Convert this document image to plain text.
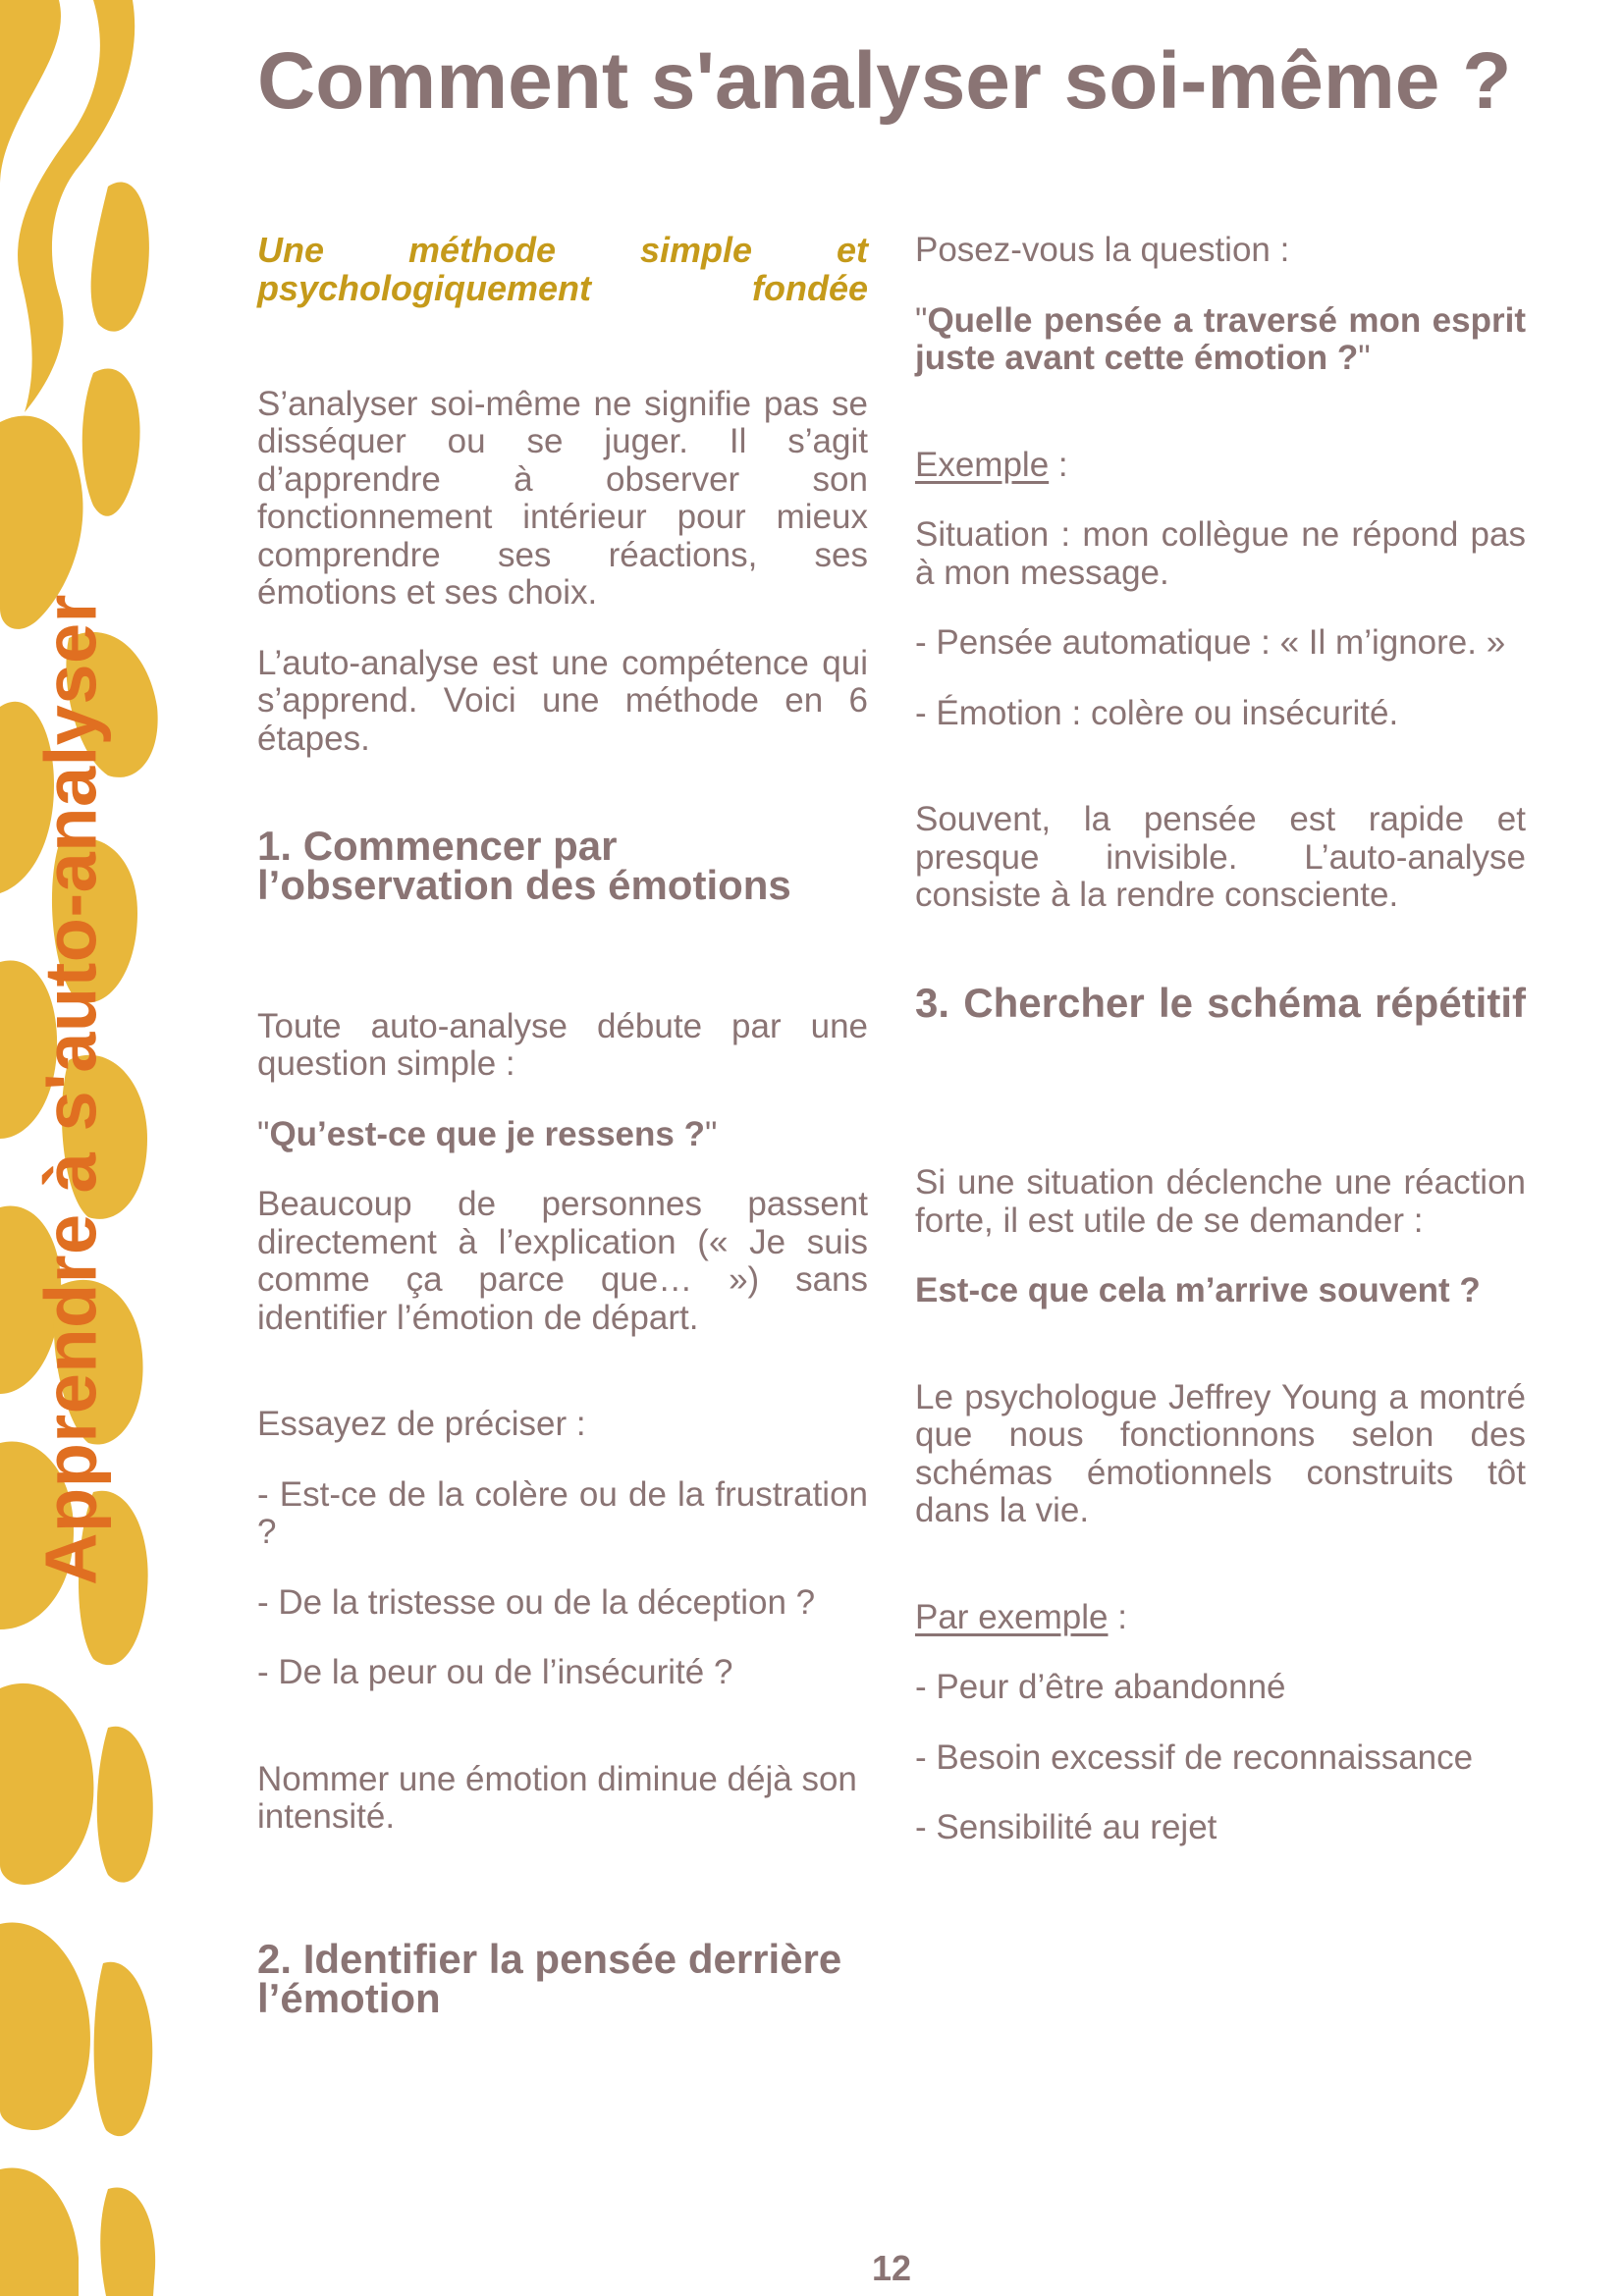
Apprendre à s'auto-analyser
Comment s'analyser soi-même ?

Une méthode simple et psychologiquement fondée

S’analyser soi-même ne signifie pas se disséquer ou se juger. Il s’agit d’apprendre à observer son fonctionnement intérieur pour mieux comprendre ses réactions, ses émotions et ses choix.

L’auto-analyse est une compétence qui s’apprend. Voici une méthode en 6 étapes.

1. Commencer par l’observation des émotions

Toute auto-analyse débute par une question simple :

"Qu’est-ce que je ressens ?"

Beaucoup de personnes passent directement à l’explication (« Je suis comme ça parce que… ») sans identifier l’émotion de départ.

Essayez de préciser :

- Est-ce de la colère ou de la frustration ?

- De la tristesse ou de la déception ?

- De la peur ou de l’insécurité ?

Nommer une émotion diminue déjà son intensité.

2. Identifier la pensée derrière l’émotion

Posez-vous la question :

"Quelle pensée a traversé mon esprit juste avant cette émotion ?"

Exemple :

Situation : mon collègue ne répond pas à mon message.

- Pensée automatique : « Il m’ignore. »

- Émotion : colère ou insécurité.

Souvent, la pensée est rapide et presque invisible. L’auto-analyse consiste à la rendre consciente.

3. Chercher le schéma répétitif

Si une situation déclenche une réaction forte, il est utile de se demander :

Est-ce que cela m’arrive souvent ?

Le psychologue Jeffrey Young a montré que nous fonctionnons selon des schémas émotionnels construits tôt dans la vie.

Par exemple :

- Peur d’être abandonné

- Besoin excessif de reconnaissance

- Sensibilité au rejet

12
